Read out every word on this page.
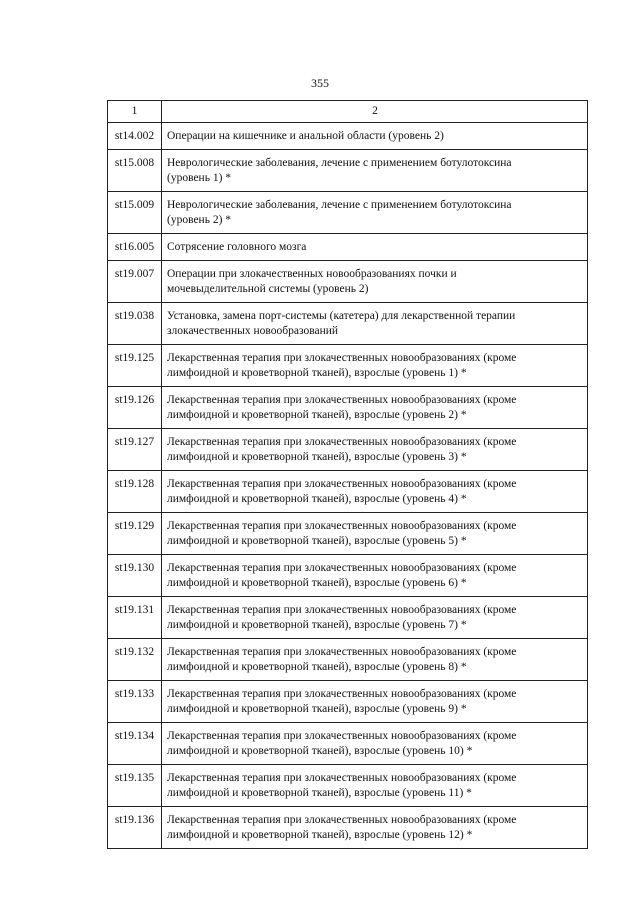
355
1	2
st14.002	Операции на кишечнике и анальной области (уровень 2)

st15.008	Неврологические заболевания, лечение с применением ботулотоксина
(уровень 1) *

st15.009	Неврологические заболевания, лечение с применением ботулотоксина
(уровень 2) *

st16.005	Сотрясение головного мозга

st19.007	Операции при злокачественных новообразованиях почки и
мочевыделительной системы (уровень 2)

st19.038	Установка, замена порт-системы (катетера) для лекарственной терапии
злокачественных новообразований

st19.125	Лекарственная терапия при злокачественных новообразованиях (кроме
лимфоидной и кроветворной тканей), взрослые (уровень 1) *

st19.126	Лекарственная терапия при злокачественных новообразованиях (кроме
лимфоидной и кроветворной тканей), взрослые (уровень 2) *

st19.127	Лекарственная терапия при злокачественных новообразованиях (кроме
лимфоидной и кроветворной тканей), взрослые (уровень 3) *

st19.128	Лекарственная терапия при злокачественных новообразованиях (кроме
лимфоидной и кроветворной тканей), взрослые (уровень 4) *

st19.129	Лекарственная терапия при злокачественных новообразованиях (кроме
лимфоидной и кроветворной тканей), взрослые (уровень 5) *

st19.130	Лекарственная терапия при злокачественных новообразованиях (кроме
лимфоидной и кроветворной тканей), взрослые (уровень 6) *

st19.131	Лекарственная терапия при злокачественных новообразованиях (кроме
лимфоидной и кроветворной тканей), взрослые (уровень 7) *

st19.132	Лекарственная терапия при злокачественных новообразованиях (кроме
лимфоидной и кроветворной тканей), взрослые (уровень 8) *

st19.133	Лекарственная терапия при злокачественных новообразованиях (кроме
лимфоидной и кроветворной тканей), взрослые (уровень 9) *

st19.134	Лекарственная терапия при злокачественных новообразованиях (кроме
лимфоидной и кроветворной тканей), взрослые (уровень 10) *

st19.135	Лекарственная терапия при злокачественных новообразованиях (кроме
лимфоидной и кроветворной тканей), взрослые (уровень 11) *

st19.136	Лекарственная терапия при злокачественных новообразованиях (кроме
лимфоидной и кроветворной тканей), взрослые (уровень 12) *
